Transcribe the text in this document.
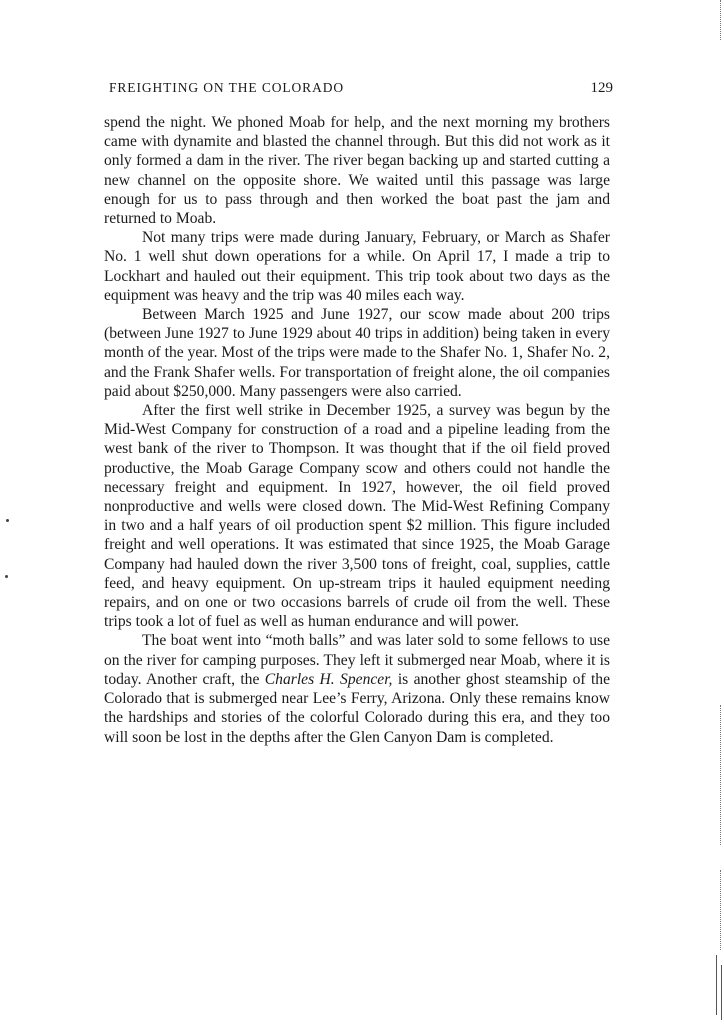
FREIGHTING ON THE COLORADO	129

spend the night. We phoned Moab for help, and the next morning my brothers came with dynamite and blasted the channel through. But this did not work as it only formed a dam in the river. The river began backing up and started cutting a new channel on the opposite shore. We waited until this passage was large enough for us to pass through and then worked the boat past the jam and returned to Moab.

Not many trips were made during January, February, or March as Shafer No. 1 well shut down operations for a while. On April 17, I made a trip to Lockhart and hauled out their equipment. This trip took about two days as the equipment was heavy and the trip was 40 miles each way.

Between March 1925 and June 1927, our scow made about 200 trips (between June 1927 to June 1929 about 40 trips in addition) being taken in every month of the year. Most of the trips were made to the Shafer No. 1, Shafer No. 2, and the Frank Shafer wells. For transportation of freight alone, the oil companies paid about $250,000. Many passengers were also carried.

After the first well strike in December 1925, a survey was begun by the Mid-West Company for construction of a road and a pipeline leading from the west bank of the river to Thompson. It was thought that if the oil field proved productive, the Moab Garage Company scow and others could not handle the necessary freight and equipment. In 1927, however, the oil field proved nonproductive and wells were closed down. The Mid-West Refining Company in two and a half years of oil production spent $2 million. This figure included freight and well operations. It was estimated that since 1925, the Moab Garage Company had hauled down the river 3,500 tons of freight, coal, supplies, cattle feed, and heavy equipment. On up-stream trips it hauled equipment needing repairs, and on one or two occasions barrels of crude oil from the well. These trips took a lot of fuel as well as human endurance and will power.

The boat went into “moth balls” and was later sold to some fellows to use on the river for camping purposes. They left it submerged near Moab, where it is today. Another craft, the Charles H. Spencer, is another ghost steamship of the Colorado that is submerged near Lee’s Ferry, Arizona. Only these remains know the hardships and stories of the colorful Colorado during this era, and they too will soon be lost in the depths after the Glen Canyon Dam is completed.
